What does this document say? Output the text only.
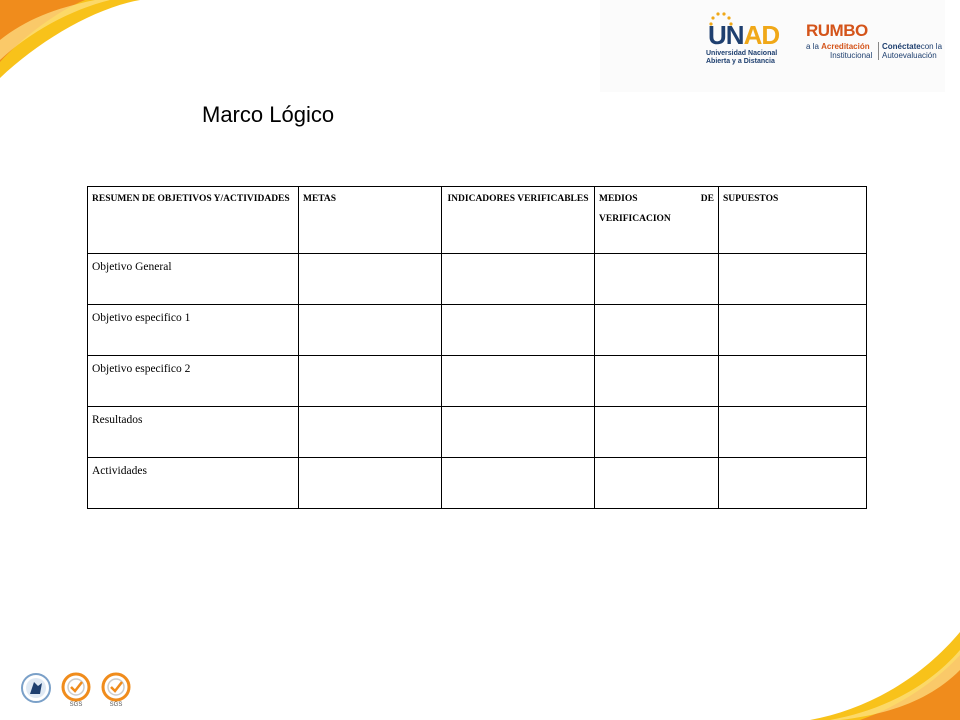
UNAD
Universidad Nacional
Abierta y a Distancia
RUMBO
a la Acreditación
Institucional
Conéctatecon la
Autoevaluación
Marco Lógico
RESUMEN DE OBJETIVOS Y/ACTIVIDADES	METAS	INDICADORES VERIFICABLES	MEDIOS DE VERIFICACION	SUPUESTOS
Objetivo General				
Objetivo especifico 1				
Objetivo especifico 2				
Resultados				
Actividades				
SGS	SGS
